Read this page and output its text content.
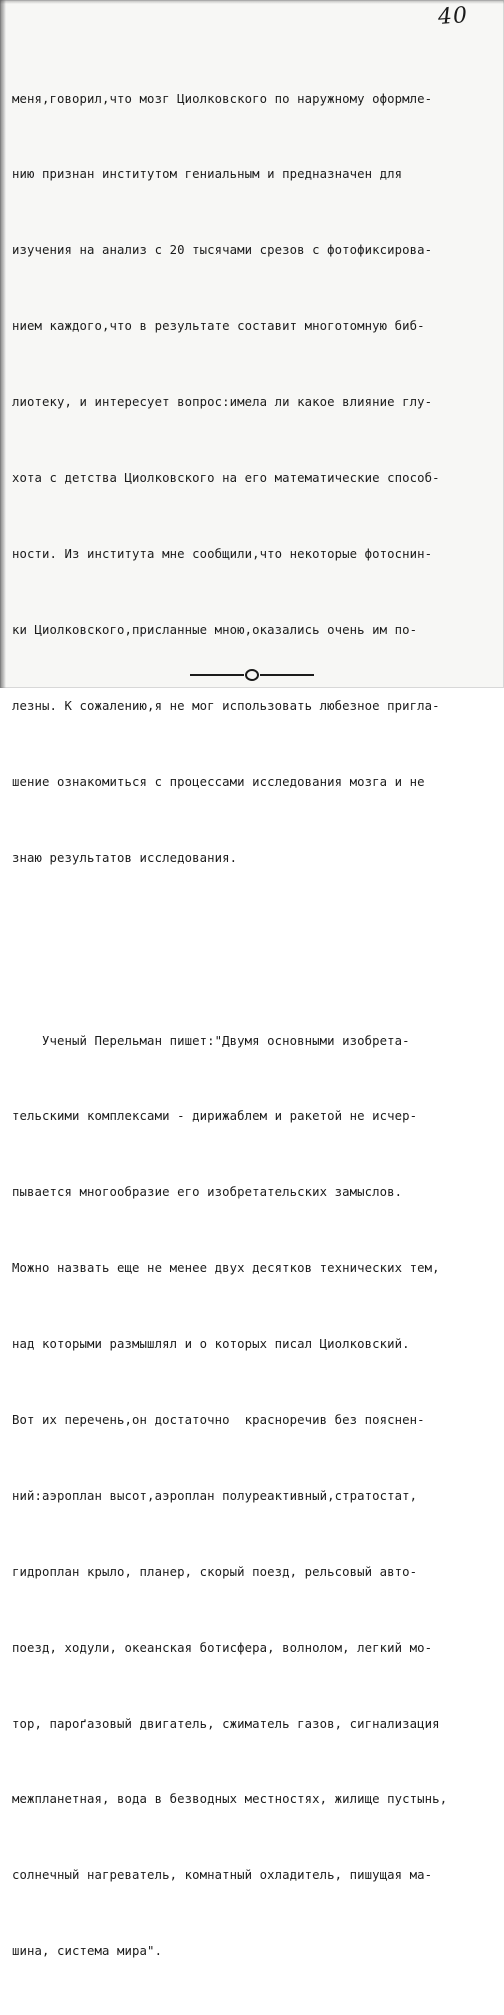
40

меня,говорил,что мозг Циолковского по наружному оформле-

нию признан институтом гениальным и предназначен для

изучения на анализ с 20 тысячами срезов с фотофиксирова-

нием каждого,что в результате составит многотомную биб-

лиотеку, и интересует вопрос:имела ли какое влияние глу-

хота с детства Циолковского на его математические способ-

ности. Из института мне сообщили,что некоторые фотоснин-

ки Циолковского,присланные мною,оказались очень им по-

лезны. К сожалению,я не мог использовать любезное пригла-

шение ознакомиться с процессами исследования мозга и не

знаю результатов исследования.

Ученый Перельман пишет:"Двумя основными изобрета-

тельскими комплексами - дирижаблем и ракетой не исчер-

пывается многообразие его изобретательских замыслов.

Можно назвать еще не менее двух десятков технических тем,

над которыми размышлял и о которых писал Циолковский.

Вот их перечень,он достаточно  красноречив без пояснен-

ний:аэроплан высот,аэроплан полуреактивный,стратостат,

гидроплан крыло, планер, скорый поезд, рельсовый авто-

поезд, ходули, океанская ботисфера, волнолом, легкий мо-

тор, пароґазовый двигатель, сжиматель газов, сигнализация

межпланетная, вода в безводных местностях, жилище пустынь,

солнечный нагреватель, комнатный охладитель, пишущая ма-

шина, система мира".
